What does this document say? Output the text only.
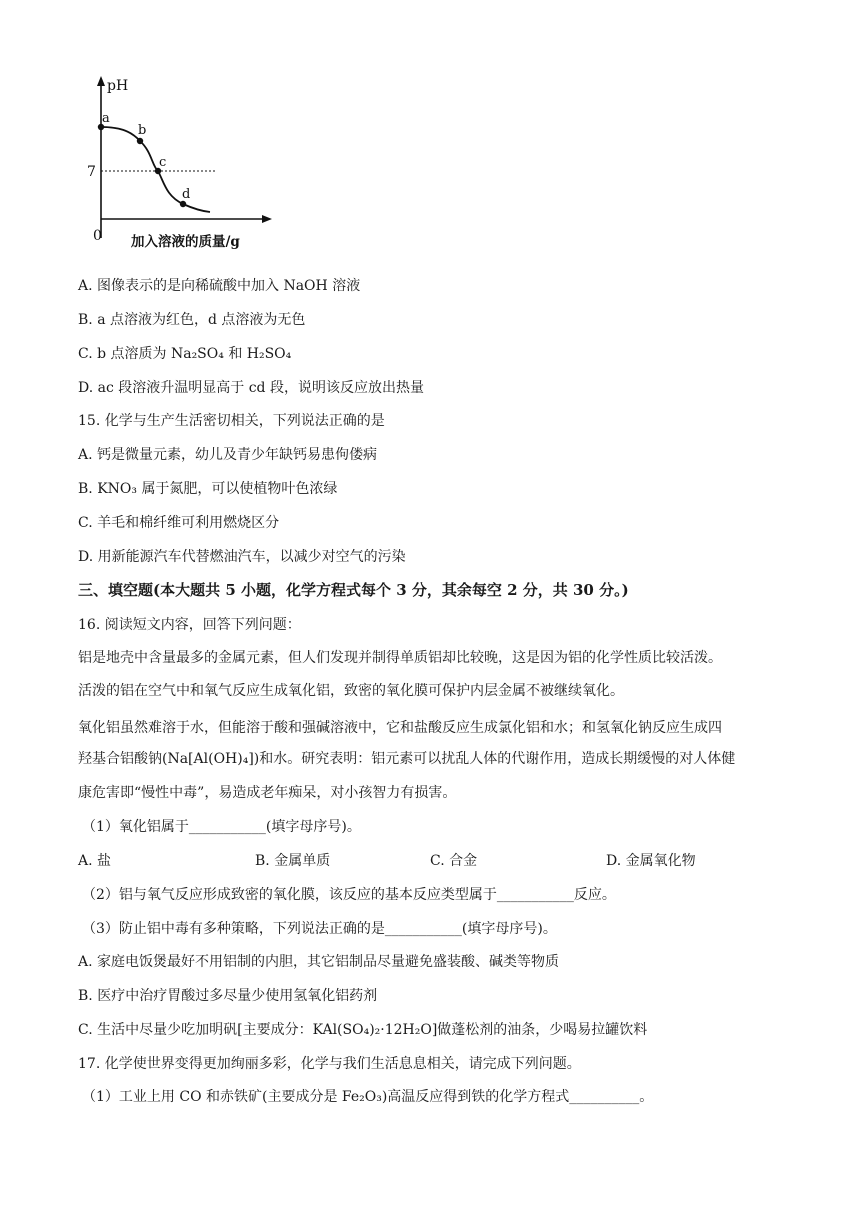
pH
a
b
c
d
7
0 加入溶液的质量/g
A. 图像表示的是向稀硫酸中加入 NaOH 溶液
B. a 点溶液为红色，d 点溶液为无色
C. b 点溶质为 Na₂SO₄ 和 H₂SO₄
D. ac 段溶液升温明显高于 cd 段，说明该反应放出热量
15. 化学与生产生活密切相关，下列说法正确的是
A. 钙是微量元素，幼儿及青少年缺钙易患佝偻病
B. KNO₃ 属于氮肥，可以使植物叶色浓绿
C. 羊毛和棉纤维可利用燃烧区分
D. 用新能源汽车代替燃油汽车，以减少对空气的污染
三、填空题(本大题共 5 小题，化学方程式每个 3 分，其余每空 2 分，共 30 分。)
16. 阅读短文内容，回答下列问题：
铝是地壳中含量最多的金属元素，但人们发现并制得单质铝却比较晚，这是因为铝的化学性质比较活泼。
活泼的铝在空气中和氧气反应生成氧化铝，致密的氧化膜可保护内层金属不被继续氧化。
氧化铝虽然难溶于水，但能溶于酸和强碱溶液中，它和盐酸反应生成氯化铝和水；和氢氧化钠反应生成四
羟基合铝酸钠(Na[Al(OH)₄])和水。研究表明：铝元素可以扰乱人体的代谢作用，造成长期缓慢的对人体健
康危害即“慢性中毒”，易造成老年痴呆，对小孩智力有损害。
（1）氧化铝属于___________(填字母序号)。
A. 盐	B. 金属单质	C. 合金	D. 金属氧化物
（2）铝与氧气反应形成致密的氧化膜，该反应的基本反应类型属于___________反应。
（3）防止铝中毒有多种策略，下列说法正确的是___________(填字母序号)。
A. 家庭电饭煲最好不用铝制的内胆，其它铝制品尽量避免盛装酸、碱类等物质
B. 医疗中治疗胃酸过多尽量少使用氢氧化铝药剂
C. 生活中尽量少吃加明矾[主要成分：KAl(SO₄)₂·12H₂O]做蓬松剂的油条，少喝易拉罐饮料
17. 化学使世界变得更加绚丽多彩，化学与我们生活息息相关，请完成下列问题。
（1）工业上用 CO 和赤铁矿(主要成分是 Fe₂O₃)高温反应得到铁的化学方程式__________。
